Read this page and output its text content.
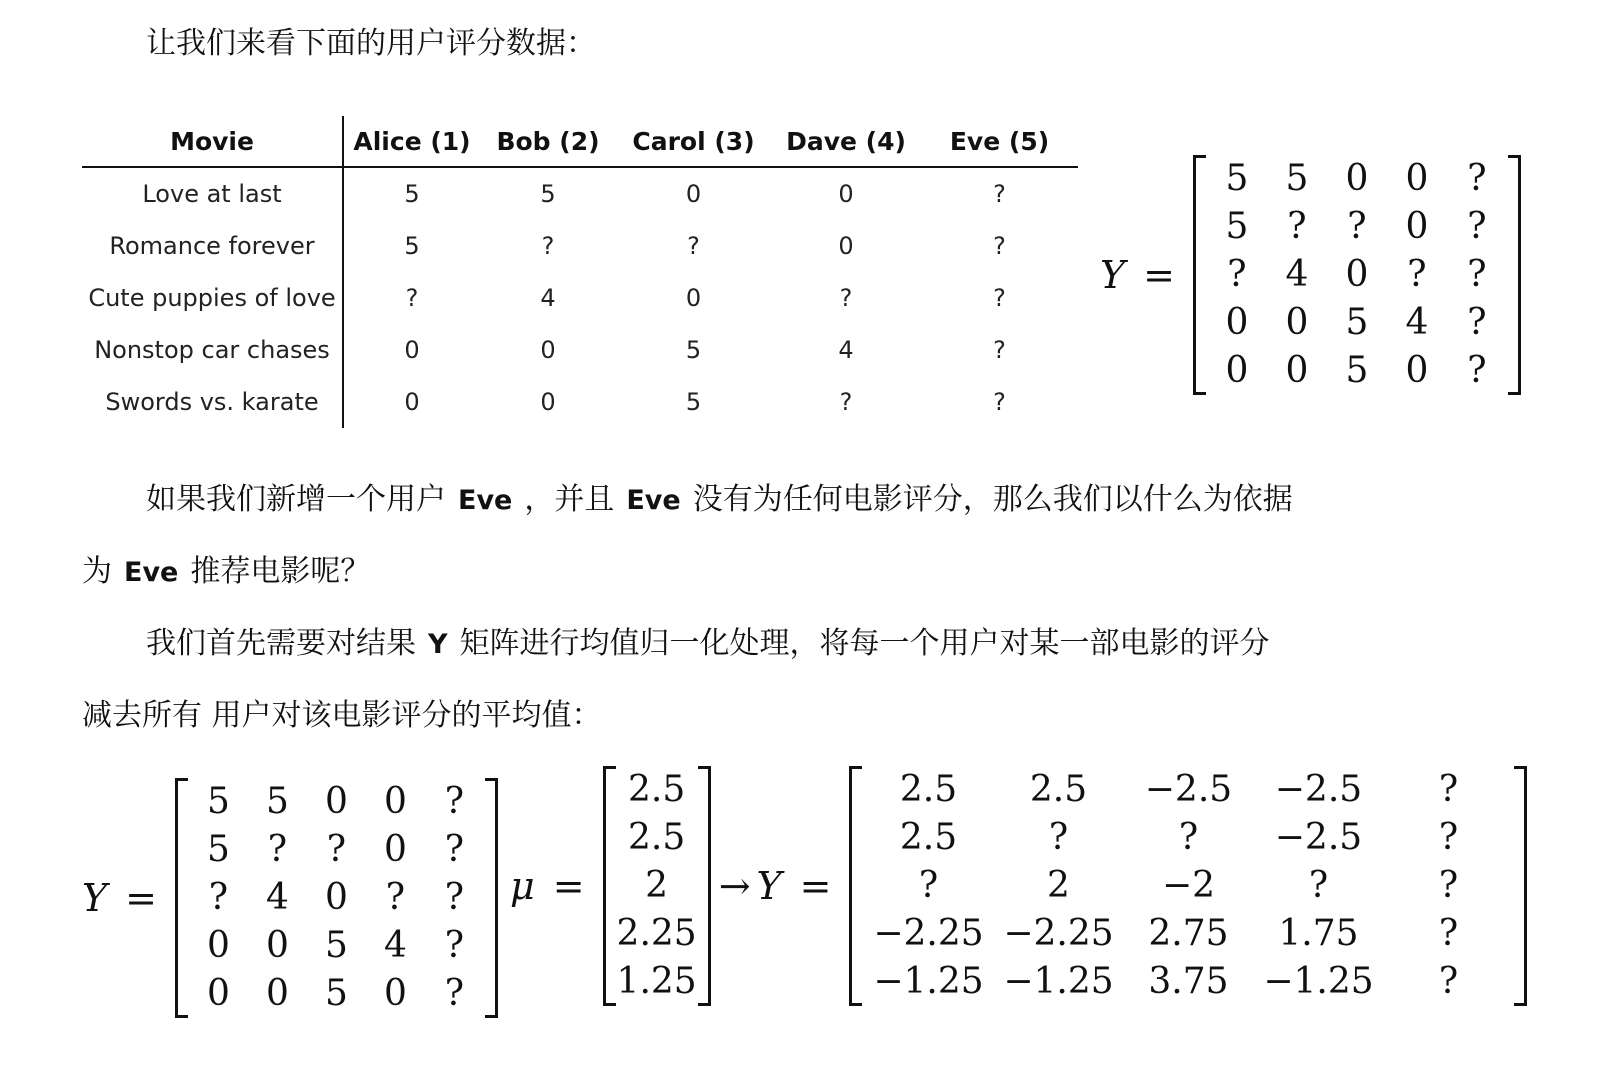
让我们来看下面的用户评分数据：
Movie	Alice (1)	Bob (2)	Carol (3)	Dave (4)	Eve (5)
Love at last	5	5	0	0	?
Romance forever	5	?	?	0	?
Cute puppies of love	?	4	0	?	?
Nonstop car chases	0	0	5	4	?
Swords vs. karate	0	0	5	?	?
Y =
5	5	0	0	?
5	?	?	0	?
?	4	0	?	?
0	0	5	4	?
0	0	5	0	?
如果我们新增一个用户 Eve ，并且 Eve 没有为任何电影评分，那么我们以什么为依据
为 Eve 推荐电影呢？
我们首先需要对结果 Y 矩阵进行均值归一化处理，将每一个用户对某一部电影的评分
减去所有 用户对该电影评分的平均值：
Y =
5	5	0	0	?
5	?	?	0	?
?	4	0	?	?
0	0	5	4	?
0	0	5	0	?
μ =
2.5
2.5
2
2.25
1.25
→ Y =
2.5	2.5	−2.5	−2.5	?
2.5	?	?	−2.5	?
?	2	−2	?	?
−2.25	−2.25	2.75	1.75	?
−1.25	−1.25	3.75	−1.25	?
